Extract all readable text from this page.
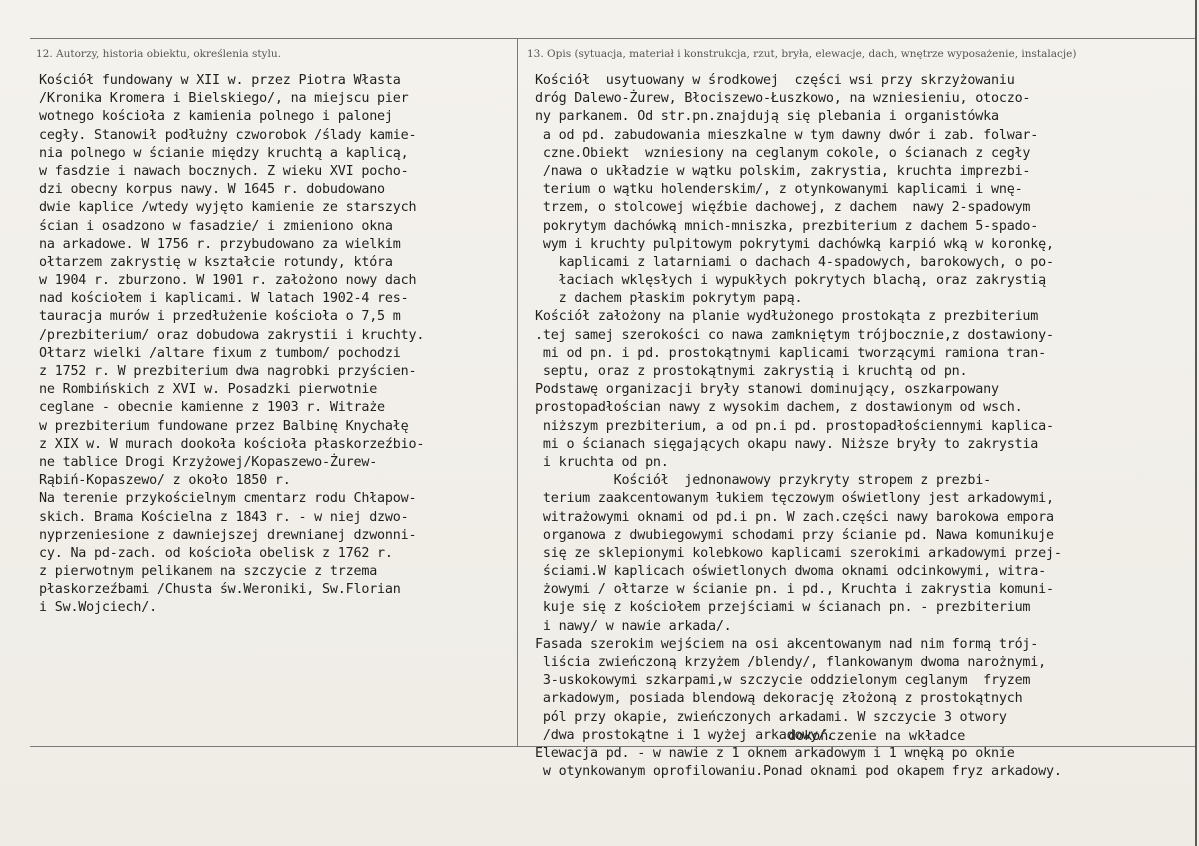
12. Autorzy, historia obiektu, określenia stylu.	13. Opis (sytuacja, materiał i konstrukcja, rzut, bryła, elewacje, dach, wnętrze wyposażenie, instalacje)
Kościół fundowany w XII w. przez Piotra Własta
/Kronika Kromera i Bielskiego/, na miejscu pier
wotnego kościoła z kamienia polnego i palonej
cegły. Stanowił podłużny czworobok /ślady kamie-
nia polnego w ścianie między kruchtą a kaplicą,
w fasdzie i nawach bocznych. Z wieku XVI pocho-
dzi obecny korpus nawy. W 1645 r. dobudowano
dwie kaplice /wtedy wyjęto kamienie ze starszych
ścian i osadzono w fasadzie/ i zmieniono okna
na arkadowe. W 1756 r. przybudowano za wielkim
ołtarzem zakrystię w kształcie rotundy, która
w 1904 r. zburzono. W 1901 r. założono nowy dach
nad kościołem i kaplicami. W latach 1902-4 res-
tauracja murów i przedłużenie kościoła o 7,5 m
/prezbiterium/ oraz dobudowa zakrystii i kruchty.
Ołtarz wielki /altare fixum z tumbom/ pochodzi
z 1752 r. W prezbiterium dwa nagrobki przyścien-
ne Rombińskich z XVI w. Posadzki pierwotnie
ceglane - obecnie kamienne z 1903 r. Witraże
w prezbiterium fundowane przez Balbinę Knychałę
z XIX w. W murach dookoła kościoła płaskorzeźbio-
ne tablice Drogi Krzyżowej/Kopaszewo-Żurew-
Rąbiń-Kopaszewo/ z około 1850 r.
Na terenie przykościelnym cmentarz rodu Chłapow-
skich. Brama Kościelna z 1843 r. - w niej dzwo-
nyprzeniesione z dawniejszej drewnianej dzwonni-
cy. Na pd-zach. od kościoła obelisk z 1762 r.
z pierwotnym pelikanem na szczycie z trzema
płaskorzeźbami /Chusta św.Weroniki, Sw.Florian
i Sw.Wojciech/.
Kościół  usytuowany w środkowej  części wsi przy skrzyżowaniu
dróg Dalewo-Żurew, Błociszewo-Łuszkowo, na wzniesieniu, otoczo-
ny parkanem. Od str.pn.znajdują się plebania i organistówka
a od pd. zabudowania mieszkalne w tym dawny dwór i zab. folwar-
czne.Obiekt  wzniesiony na ceglanym cokole, o ścianach z cegły
/nawa o układzie w wątku polskim, zakrystia, kruchta imprezbi-
terium o wątku holenderskim/, z otynkowanymi kaplicami i wnę-
trzem, o stolcowej więźbie dachowej, z dachem  nawy 2-spadowym
pokrytym dachówką mnich-mniszka, prezbiterium z dachem 5-spado-
wym i kruchty pulpitowym pokrytymi dachówką karpió wką w koronkę,
kaplicami z latarniami o dachach 4-spadowych, barokowych, o po-
łaciach wklęsłych i wypukłych pokrytych blachą, oraz zakrystią
z dachem płaskim pokrytym papą.
Kościół założony na planie wydłużonego prostokąta z prezbiterium
.tej samej szerokości co nawa zamkniętym trójbocznie,z dostawiony-
mi od pn. i pd. prostokątnymi kaplicami tworzącymi ramiona tran-
septu, oraz z prostokątnymi zakrystią i kruchtą od pn.
Podstawę organizacji bryły stanowi dominujący, oszkarpowany
prostopadłościan nawy z wysokim dachem, z dostawionym od wsch.
niższym prezbiterium, a od pn.i pd. prostopadłościennymi kaplica-
mi o ścianach sięgających okapu nawy. Niższe bryły to zakrystia
i kruchta od pn.
Kościół  jednonawowy przykryty stropem z prezbi-
terium zaakcentowanym łukiem tęczowym oświetlony jest arkadowymi,
witrażowymi oknami od pd.i pn. W zach.części nawy barokowa empora
organowa z dwubiegowymi schodami przy ścianie pd. Nawa komunikuje
się ze sklepionymi kolebkowo kaplicami szerokimi arkadowymi przej-
ściami.W kaplicach oświetlonych dwoma oknami odcinkowymi, witra-
żowymi / ołtarze w ścianie pn. i pd., Kruchta i zakrystia komuni-
kuje się z kościołem przejściami w ścianach pn. - prezbiterium
i nawy/ w nawie arkada/.
Fasada szerokim wejściem na osi akcentowanym nad nim formą trój-
liścia zwieńczoną krzyżem /blendy/, flankowanym dwoma narożnymi,
3-uskokowymi szkarpami,w szczycie oddzielonym ceglanym  fryzem
arkadowym, posiada blendową dekorację złożoną z prostokątnych
pól przy okapie, zwieńczonych arkadami. W szczycie 3 otwory
/dwa prostokątne i 1 wyżej arkadowy/.
Elewacja pd. - w nawie z 1 oknem arkadowym i 1 wnęką po oknie
w otynkowanym oprofilowaniu.Ponad oknami pod okapem fryz arkadowy.
dokończenie na wkładce
